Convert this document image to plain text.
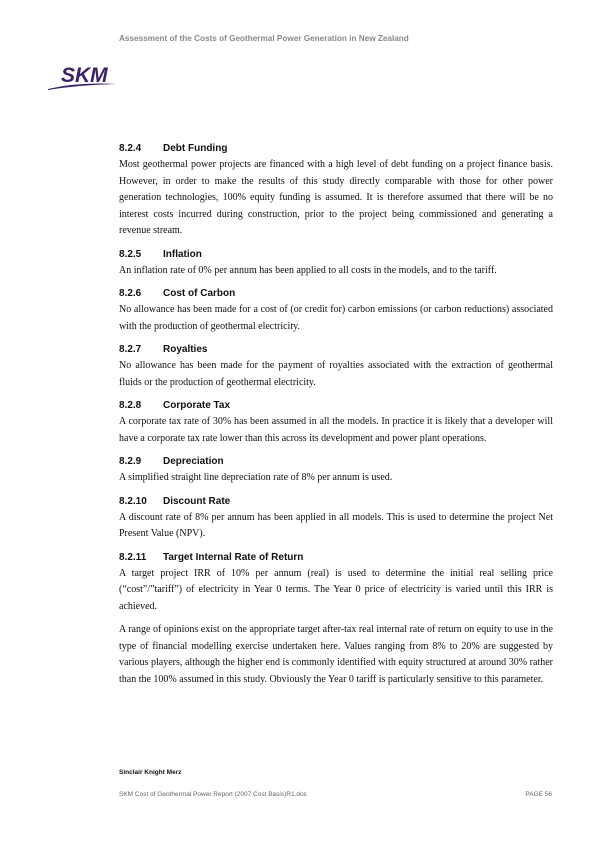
Assessment of the Costs of Geothermal Power Generation in New Zealand
SKM
8.2.4	Debt Funding

Most geothermal power projects are financed with a high level of debt funding on a project finance basis. However, in order to make the results of this study directly comparable with those for other power generation technologies, 100% equity funding is assumed. It is therefore assumed that there will be no interest costs incurred during construction, prior to the project being commissioned and generating a revenue stream.

8.2.5	Inflation

An inflation rate of 0% per annum has been applied to all costs in the models, and to the tariff.

8.2.6	Cost of Carbon

No allowance has been made for a cost of (or credit for) carbon emissions (or carbon reductions) associated with the production of geothermal electricity.

8.2.7	Royalties

No allowance has been made for the payment of royalties associated with the extraction of geothermal fluids or the production of geothermal electricity.

8.2.8	Corporate Tax

A corporate tax rate of 30% has been assumed in all the models. In practice it is likely that a developer will have a corporate tax rate lower than this across its development and power plant operations.

8.2.9	Depreciation

A simplified straight line depreciation rate of 8% per annum is used.

8.2.10	Discount Rate

A discount rate of 8% per annum has been applied in all models. This is used to determine the project Net Present Value (NPV).

8.2.11	Target Internal Rate of Return

A target project IRR of 10% per annum (real) is used to determine the initial real selling price (“cost”/”tariff”) of electricity in Year 0 terms. The Year 0 price of electricity is varied until this IRR is achieved.

A range of opinions exist on the appropriate target after-tax real internal rate of return on equity to use in the type of financial modelling exercise undertaken here. Values ranging from 8% to 20% are suggested by various players, although the higher end is commonly identified with equity structured at around 30% rather than the 100% assumed in this study. Obviously the Year 0 tariff is particularly sensitive to this parameter.

Sinclair Knight Merz
SKM Cost of Geothermal Power Report (2007 Cost Basis)R1.doc	PAGE 56
